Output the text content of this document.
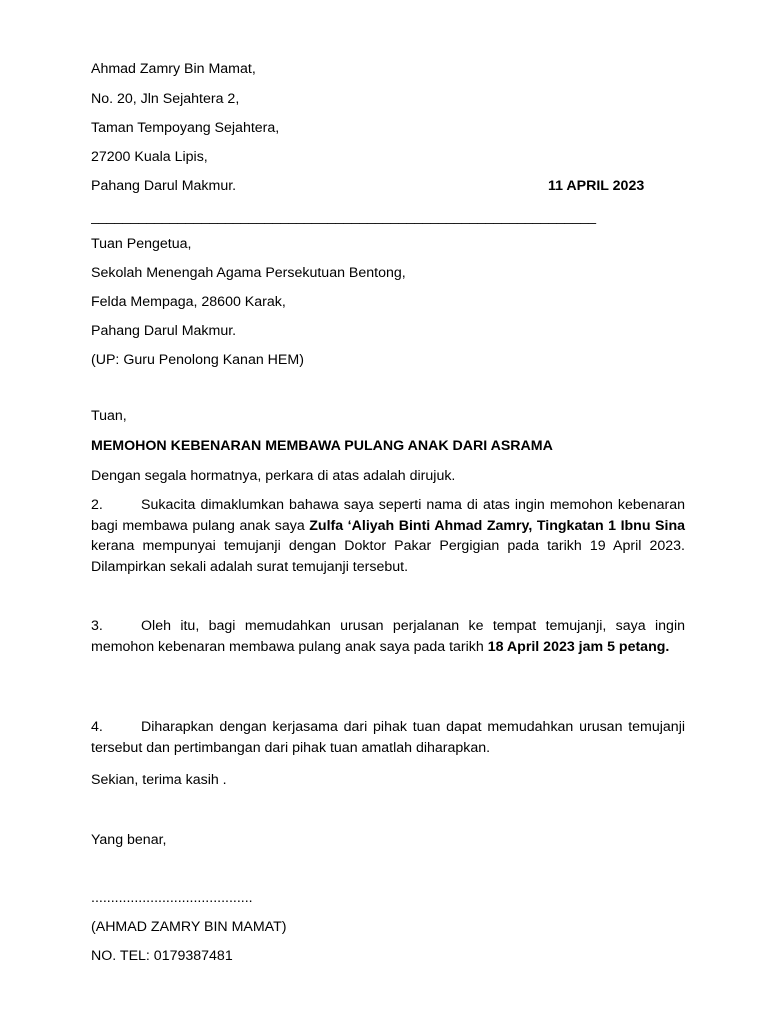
Ahmad Zamry Bin Mamat,
No. 20, Jln Sejahtera 2,
Taman Tempoyang Sejahtera,
27200 Kuala Lipis,
Pahang Darul Makmur.	11 APRIL 2023
________________________________________________________________
Tuan Pengetua,
Sekolah Menengah Agama Persekutuan Bentong,
Felda Mempaga, 28600 Karak,
Pahang Darul Makmur.
(UP: Guru Penolong Kanan HEM)
Tuan,
MEMOHON KEBENARAN MEMBAWA PULANG ANAK DARI ASRAMA
Dengan segala hormatnya, perkara di atas adalah dirujuk.
2.	Sukacita dimaklumkan bahawa saya seperti nama di atas ingin memohon kebenaran bagi membawa pulang anak saya Zulfa ‘Aliyah Binti Ahmad Zamry, Tingkatan 1 Ibnu Sina kerana mempunyai temujanji dengan Doktor Pakar Pergigian pada tarikh 19 April 2023. Dilampirkan sekali adalah surat temujanji tersebut.
3.	Oleh itu, bagi memudahkan urusan perjalanan ke tempat temujanji, saya ingin memohon kebenaran membawa pulang anak saya pada tarikh 18 April 2023 jam 5 petang.
4.	Diharapkan dengan kerjasama dari pihak tuan dapat memudahkan urusan temujanji tersebut dan pertimbangan dari pihak tuan amatlah diharapkan.
Sekian, terima kasih .
Yang benar,
.........................................
(AHMAD ZAMRY BIN MAMAT)
NO. TEL: 0179387481
